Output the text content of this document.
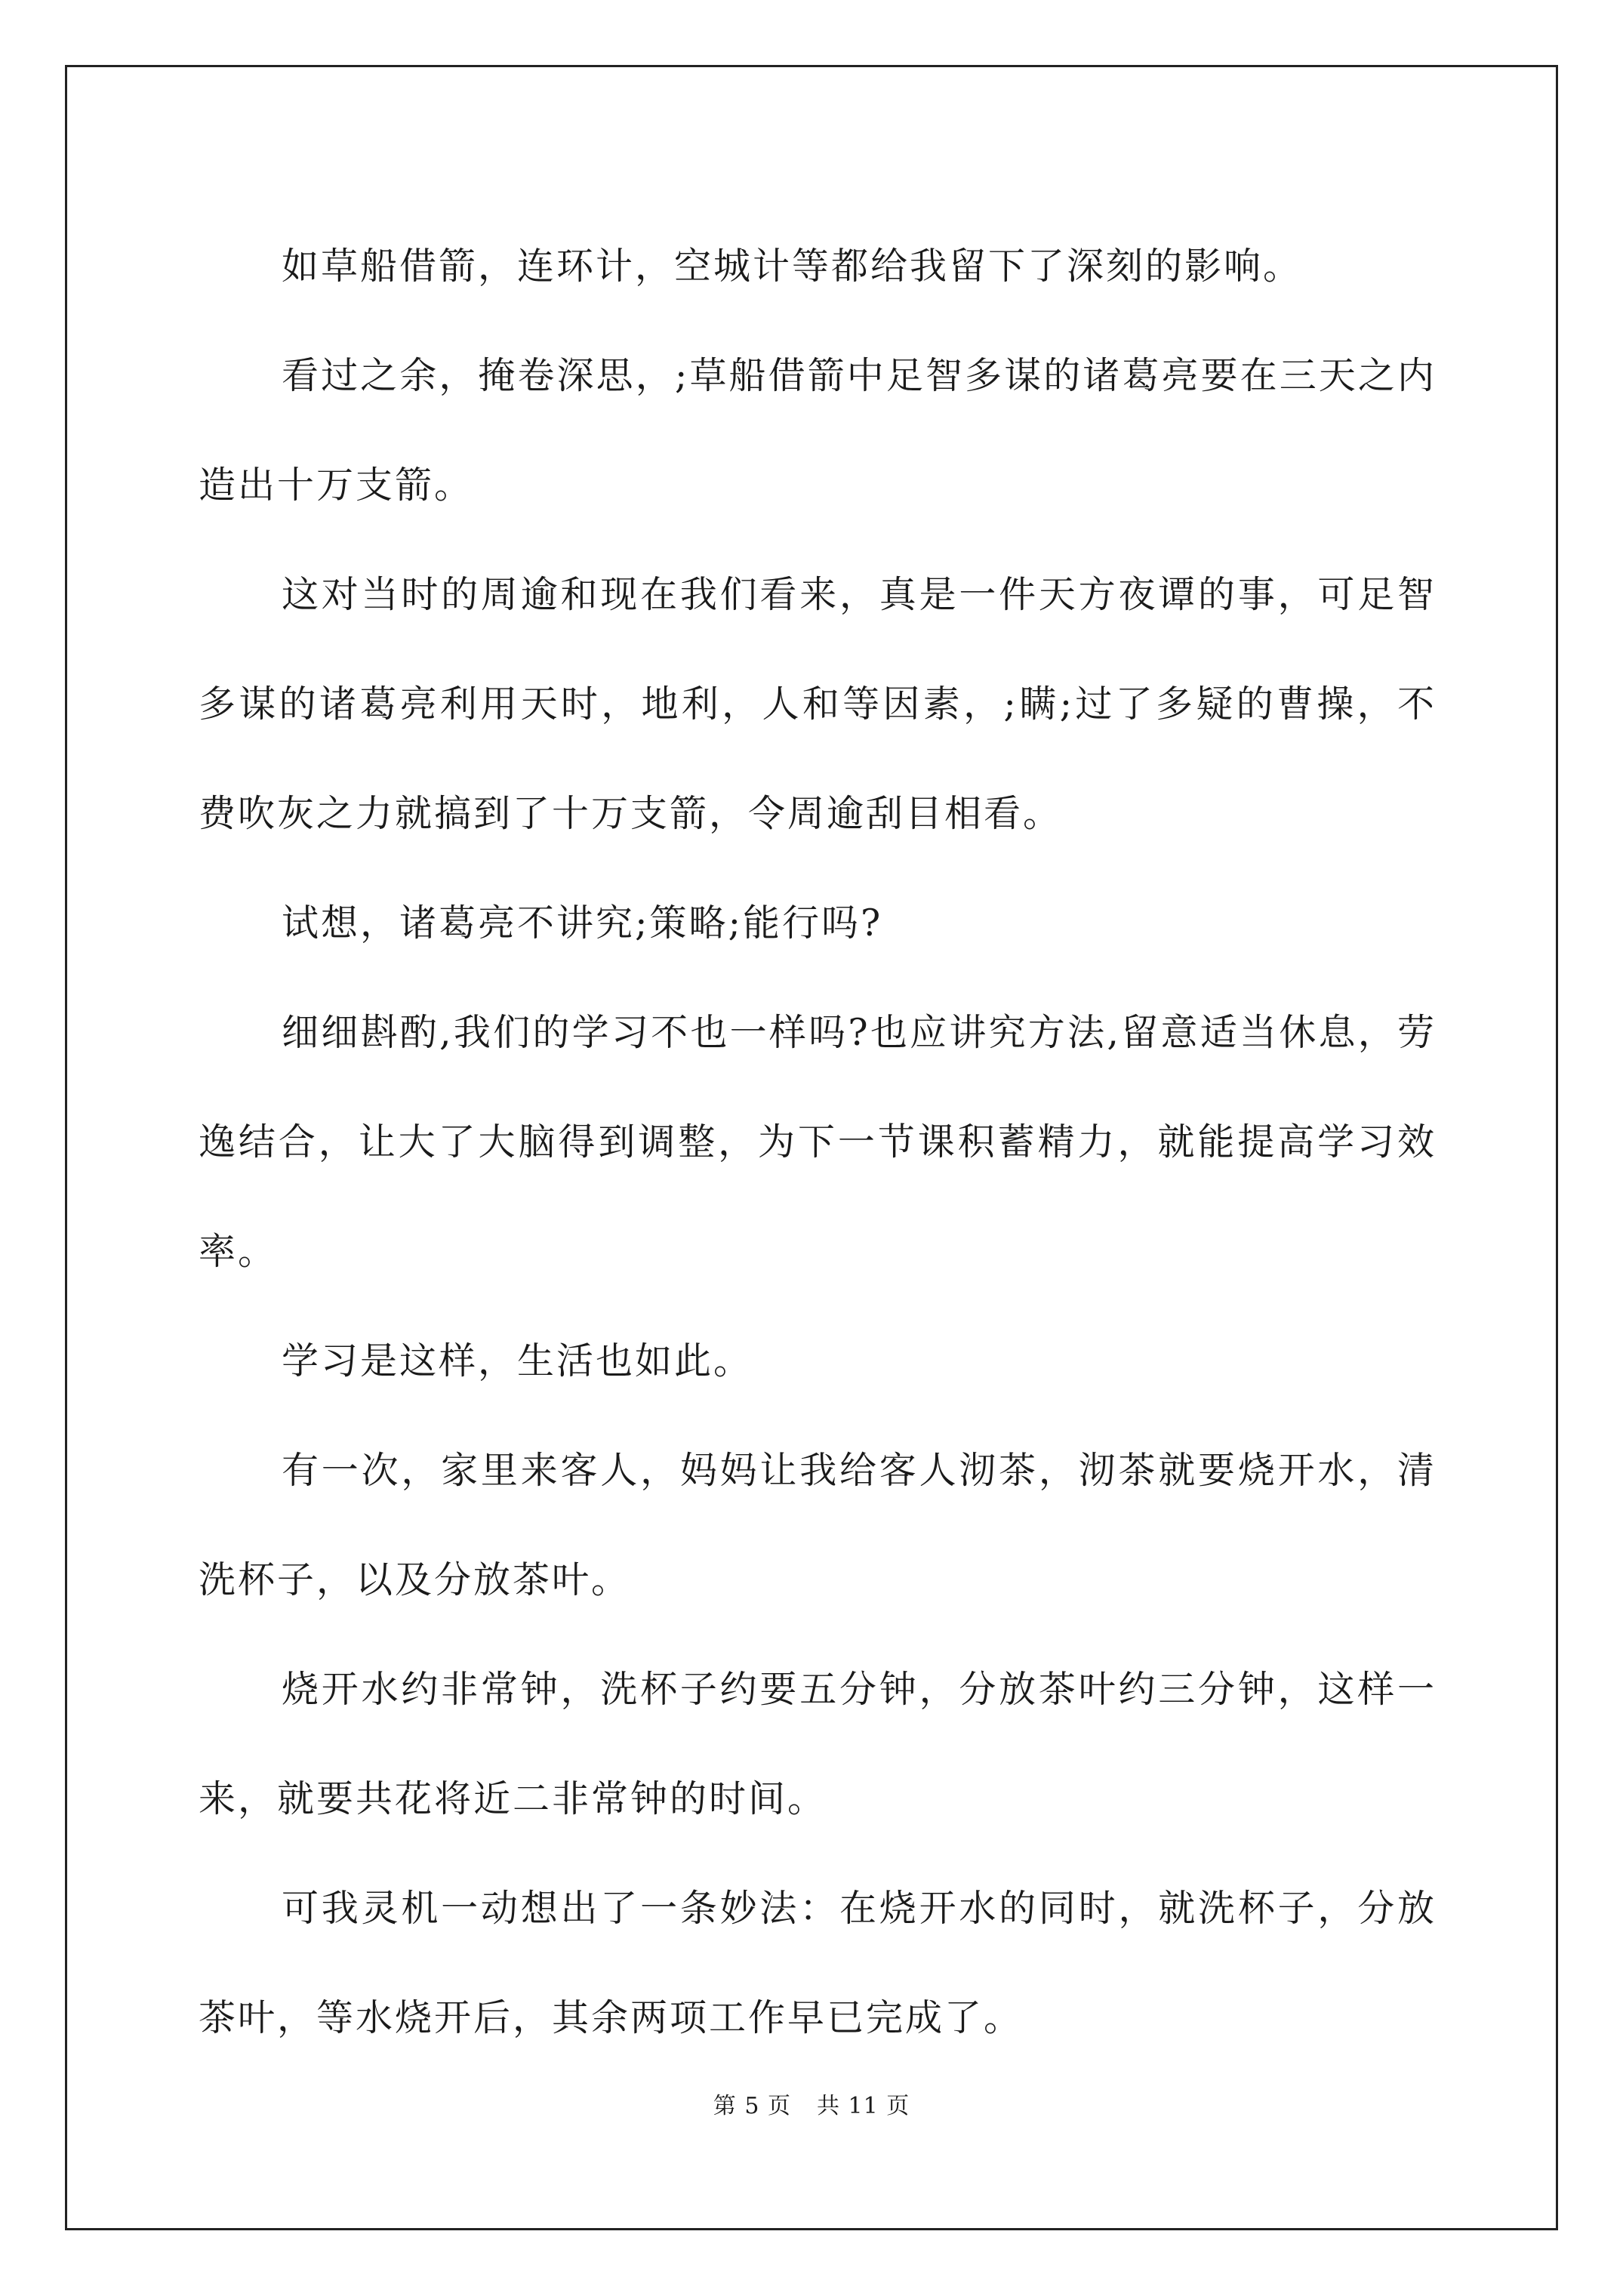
如草船借箭，连环计，空城计等都给我留下了深刻的影响。

看过之余，掩卷深思，;草船借箭中足智多谋的诸葛亮要在三天之内造出十万支箭。

这对当时的周逾和现在我们看来，真是一件天方夜谭的事，可足智多谋的诸葛亮利用天时，地利，人和等因素，;瞒;过了多疑的曹操，不费吹灰之力就搞到了十万支箭，令周逾刮目相看。

试想，诸葛亮不讲究;策略;能行吗?

细细斟酌,我们的学习不也一样吗?也应讲究方法,留意适当休息，劳逸结合，让大了大脑得到调整，为下一节课积蓄精力，就能提高学习效率。

学习是这样，生活也如此。

有一次，家里来客人，妈妈让我给客人沏茶，沏茶就要烧开水，清洗杯子，以及分放茶叶。

烧开水约非常钟，洗杯子约要五分钟，分放茶叶约三分钟，这样一来，就要共花将近二非常钟的时间。

可我灵机一动想出了一条妙法：在烧开水的同时，就洗杯子，分放茶叶，等水烧开后，其余两项工作早已完成了。

第 5 页 共 11 页
